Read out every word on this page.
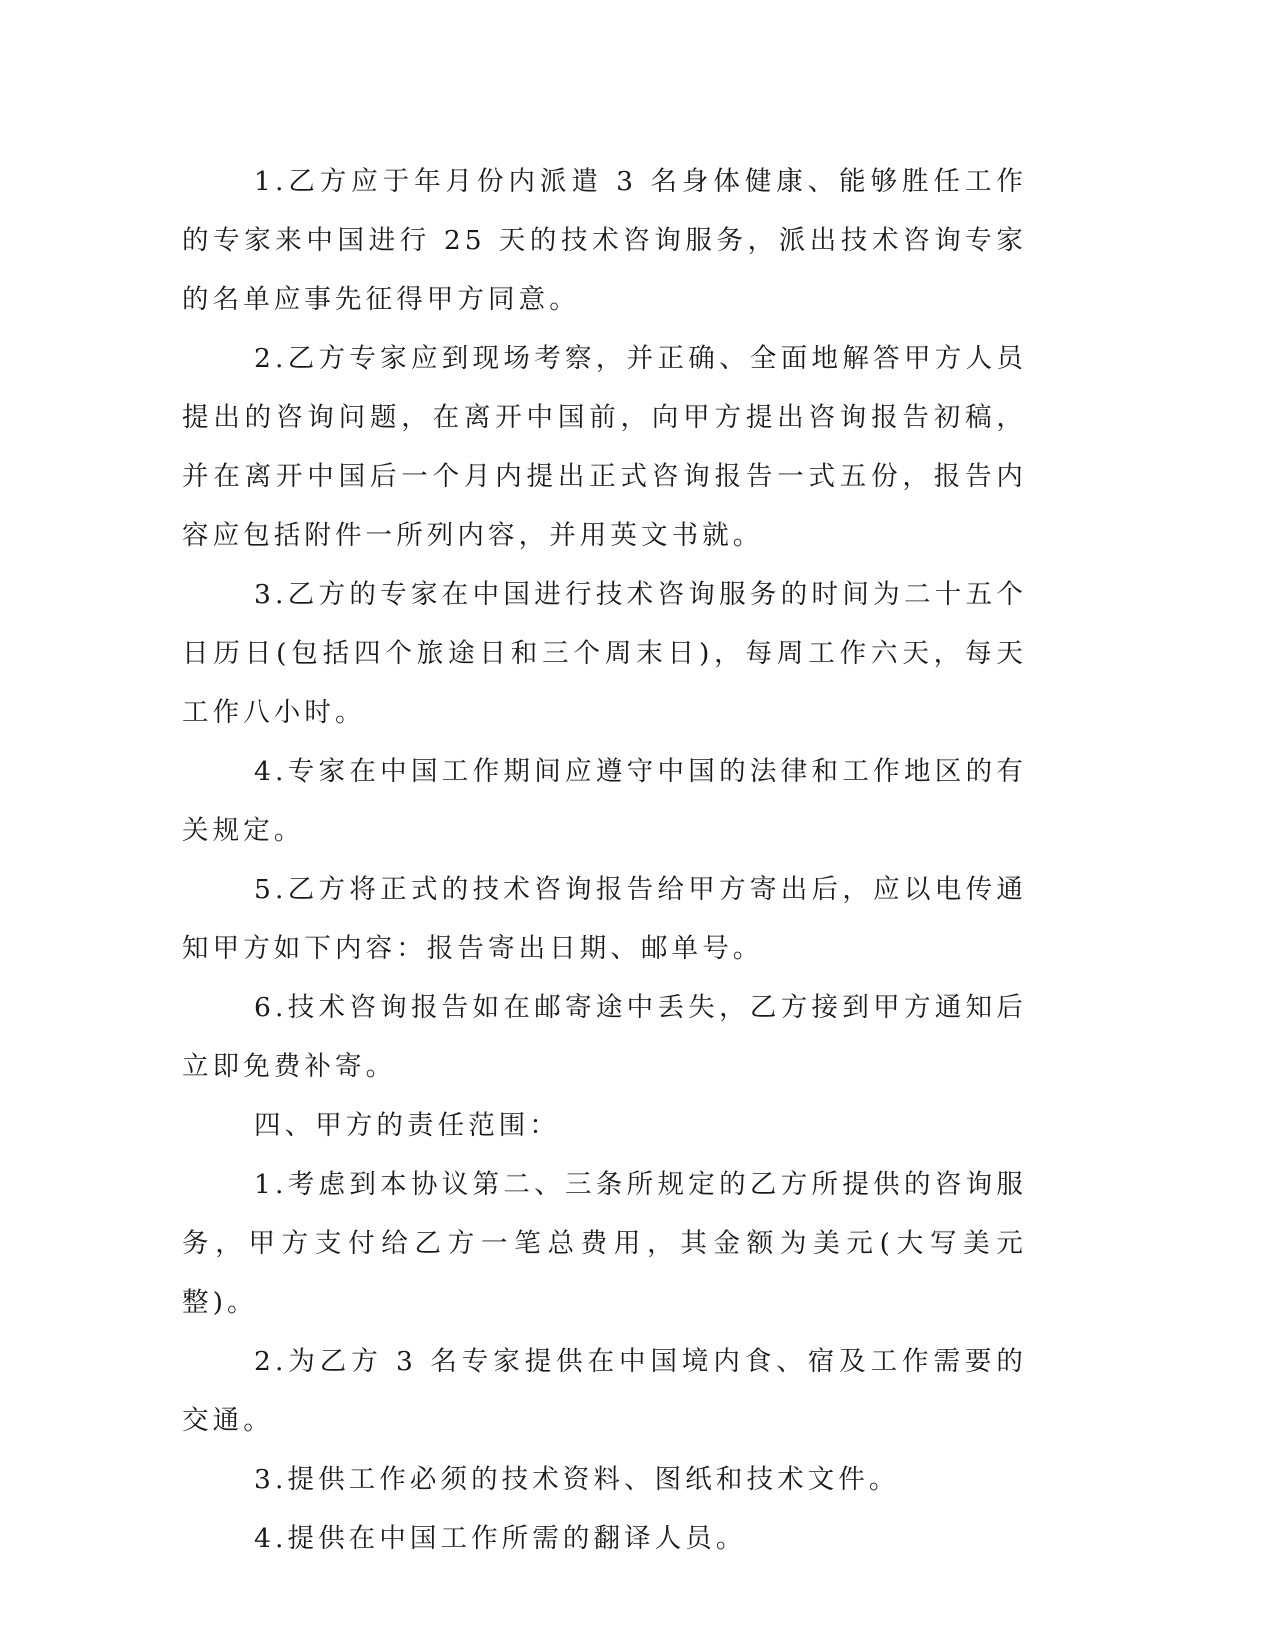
1.乙方应于年月份内派遣 3 名身体健康、能够胜任工作的专家来中国进行 25 天的技术咨询服务，派出技术咨询专家的名单应事先征得甲方同意。

2.乙方专家应到现场考察，并正确、全面地解答甲方人员提出的咨询问题，在离开中国前，向甲方提出咨询报告初稿，并在离开中国后一个月内提出正式咨询报告一式五份，报告内容应包括附件一所列内容，并用英文书就。

3.乙方的专家在中国进行技术咨询服务的时间为二十五个日历日(包括四个旅途日和三个周末日)，每周工作六天，每天工作八小时。

4.专家在中国工作期间应遵守中国的法律和工作地区的有关规定。

5.乙方将正式的技术咨询报告给甲方寄出后，应以电传通知甲方如下内容：报告寄出日期、邮单号。

6.技术咨询报告如在邮寄途中丢失，乙方接到甲方通知后立即免费补寄。

四、甲方的责任范围：

1.考虑到本协议第二、三条所规定的乙方所提供的咨询服务，甲方支付给乙方一笔总费用，其金额为美元(大写美元整)。

2.为乙方 3 名专家提供在中国境内食、宿及工作需要的交通。

3.提供工作必须的技术资料、图纸和技术文件。

4.提供在中国工作所需的翻译人员。
